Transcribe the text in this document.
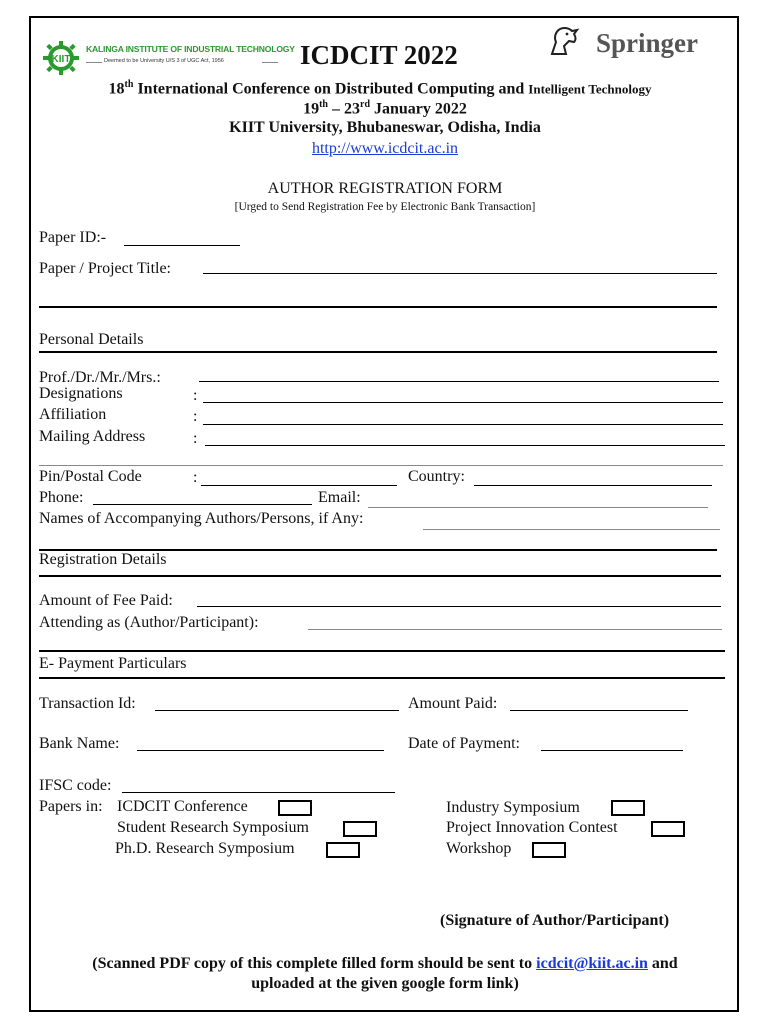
KIIT
KALINGA INSTITUTE OF INDUSTRIAL TECHNOLOGY
Deemed to be University U/S 3 of UGC Act, 1956	ICDCIT 2022	Springer
18th International Conference on Distributed Computing and Intelligent Technology
19th – 23rd January 2022
KIIT University, Bhubaneswar, Odisha, India
http://www.icdcit.ac.in
AUTHOR REGISTRATION FORM
[Urged to Send Registration Fee by Electronic Bank Transaction]
Paper ID:-
Paper / Project Title:
Personal Details
Prof./Dr./Mr./Mrs.:
Designations	:
Affiliation	:
Mailing Address	:
Pin/Postal Code	:	Country:
Phone:	Email:
Names of Accompanying Authors/Persons, if Any:
Registration Details
Amount of Fee Paid:
Attending as (Author/Participant):
E- Payment Particulars
Transaction Id:	Amount Paid:
Bank Name:	Date of Payment:
IFSC code:
Papers in: ICDCIT Conference
Student Research Symposium
Ph.D. Research Symposium
Industry Symposium
Project Innovation Contest
Workshop
(Signature of Author/Participant)
(Scanned PDF copy of this complete filled form should be sent to icdcit@kiit.ac.in and
uploaded at the given google form link)
